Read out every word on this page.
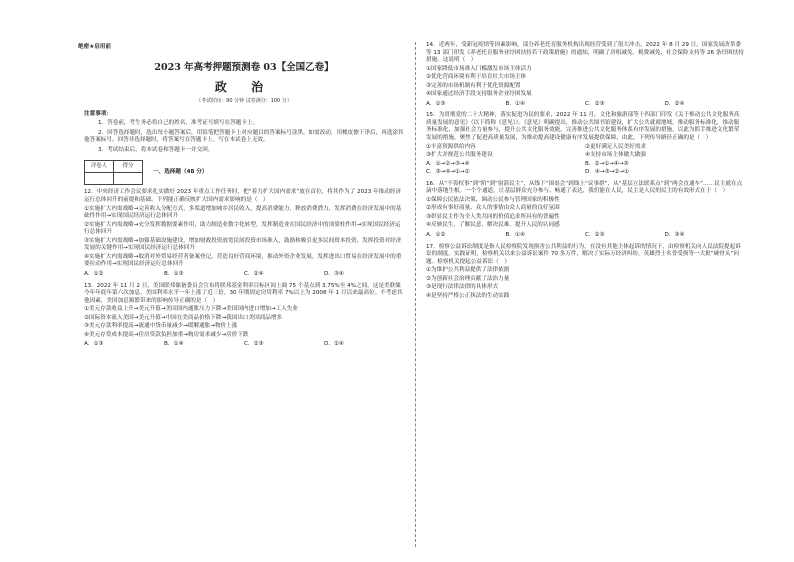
绝密★启用前
2023 年高考押题预测卷 03【全国乙卷】
政 治
（考试时间：90 分钟 试卷满分：100 分）
注意事项：
1．答卷前，考生务必将自己的姓名、准考证号填写在答题卡上。
2．回答选择题时，选出每小题答案后，用铅笔把答题卡上对应题目的答案标号涂黑。如需改动，用橡皮擦干净后，再选涂其他答案标号。回答非选择题时，将答案写在答题卡上。写在本试卷上无效。
3．考试结束后，将本试卷和答题卡一并交回。
评卷人	得分

一、选择题（48 分）
12．中央经济工作会议要求扎实做好 2023 年重点工作任务时，把“着力扩大国内需求”放在首位，将其作为了 2023 年推动经济运行总体回升的前提和基础。下列能正确反映扩大国内需求影响的是（　）
①实施扩大内需战略→完善收入分配方式，多渠道增加城乡居民收入，提高消费能力，释放消费潜力，发挥消费在经济发展中的基础性作用→实现国民经济运行总体回升
②实施扩大内需战略→充分发挥数据要素作用，助力制造业数字化转型，发挥制造业在国民经济中的顶梁柱作用→实现国民经济运行总体回升
③实施扩大内需战略→加强基础设施建设，增加财政投资放宽民间投资市场准入，鼓励和吸引更多民间资本投资，发挥投资对经济发展的关键作用→实现国民经济运行总体回升
④实施扩大内需战略→取消对外贸易经营者备案登记，营造良好营商环境，推动外资企业发展，发挥进出口贸易在经济发展中的重要拉动作用→实现国民经济运行总体回升
A．①②	B．①③	C．②④	D．③④
13．2022 年 11 月 2 日，美国联邦储备委员会宣布将联邦基金利率目标区间上调 75 个基点到 3.75%至 4%之间，这是美联储今年年底年第六次加息。美国利率水平一年上涨了近三倍，30 年期固定房贷利率 7%以上为 2008 年 1 月以来最高位。不考虑其他因素，美国加息频繁带来的影响传导正确的是（　）
①美元存款收益上升→美元升值→美国国内通胀压力下降→美国国内进口增加→工人失业
②国际资本流入美国→美元升值→中国在美商品价格下降→我国出口美国商品增多
③美元存款利率提高→流通中货币量减少→缓解通胀→物价上涨
④美元存贷成本提高→住房贷款负担加重→购房需求减少→房价下跌
A．①③	B．①④	C．②③	D．②④
14．近两年，受新冠疫情等因素影响，部分养老托育服务机构出现经营受到了很大冲击。2022 年 8 月 29 日，国家发展改革委等 13 部门印发《养老托育服务业纾困扶持若干政策措施》的通知，明确了房租减免、税费减免、社会保险支持等 26 条纾困扶持措施。这说明（　）
①国家降低市场准入门槛激发市场主体活力
②优化营商环境有利于培育壮大市场主体
③完善的市场机制有利于优化资源配置
④国家通过经济手段支持服务企业纾困发展
A．①③	B．①④	C．②③	D．②④
15．为贯彻党的二十大精神，落实促进为民的要求，2022 年 11 月，文化和旅游部等十四部门印发《关于推动公共文化服务高质量发展的意见》（以下简称《意见》）。《意见》明确提出，推动公共图书馆建设，扩大公共就就地域，推动服务标准化，推动服务标准化，加强社会力量参与，提升公共文化服务效能。完善推进公共文化服务体系有序发展的措施，以此为抓手推进文化繁荣发展的措施，聚焦了促进高质量发展，为推动提高建设健康有序发展提供保障。由此，下列传导路径正确的是（　）
①丰富资源供给内容	②更好满足人民美好需求
③扩大并规范公共服务建设	④支持市场主体做大做强
A．①→②→③→④	B．②→①→④→③
C．③→④→①→②	D．④→③→②→①
16．从“不畏权事”到“阶”到“射箭民主”，从线下“围桌会”到线上“议事群”，从“基层立法联系点”到“两会直通车”……民主就在点滴中落地生根。一个个通道，让基层群众充分参与、畅通了表达，我们能在人民，民主是人民的民主的有效形式在于（　）
①保障公民依法决策，调动公民参与管理国家的积极性
②形成有事好商量、众人的事情由众人商量的良好氛围
③彰显民主作为全人类共同的价值追求所具有的普遍性
④反映民生，了解民意，解决民难，提升人民的认同感
A．①②	B．①④	C．②③	D．③④
17．检察公益诉讼制度是指人民检察院发现损害公共利益的行为，在没有其他主体起诉的情况下，由检察机关向人民法院提起诉讼的制度。实践证明，检察机关以来公益诉讼案件 70 多万件，解决了实际万经济纠纷。英雄烈士名誉受损等一大批“硬骨头”问题。检察机关提起公益诉讼（　）
①为维护公共利益提供了法律依据
②为创新社会治理贡献了法治力量
③是现行法律法律的具体形式
④是坚持严格公正执法的生动实践
